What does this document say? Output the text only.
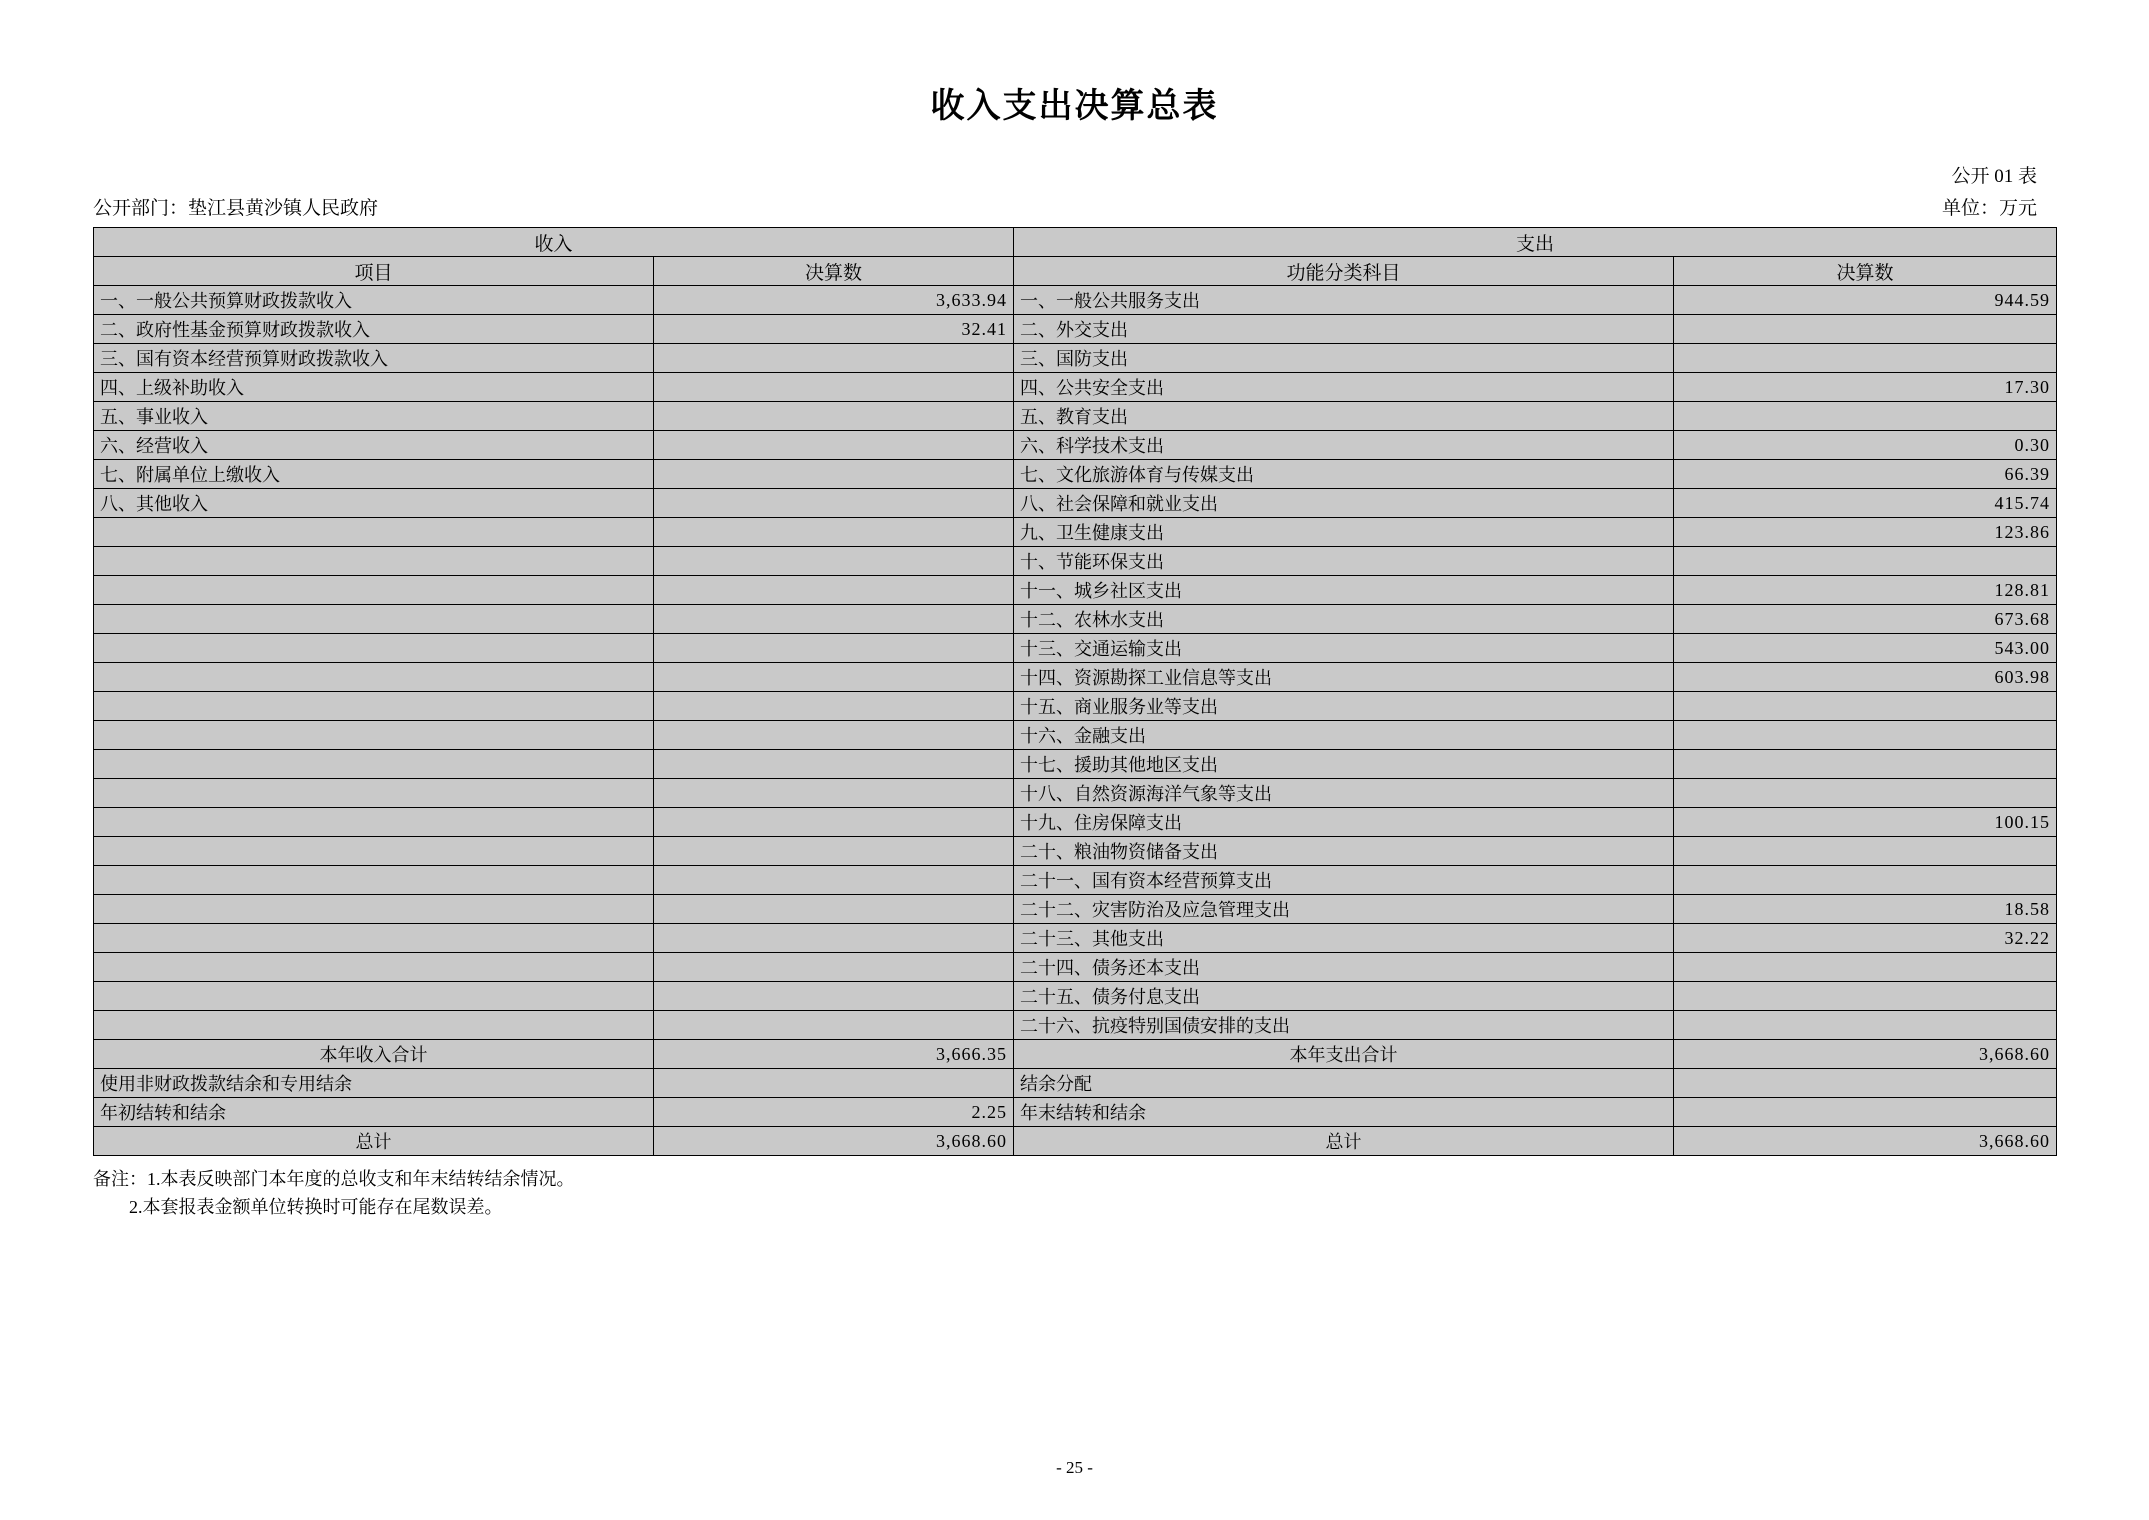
收入支出决算总表
公开 01 表
公开部门：垫江县黄沙镇人民政府	单位：万元
收入		支出	
项目	决算数	功能分类科目	决算数
一、一般公共预算财政拨款收入	3,633.94	一、一般公共服务支出	944.59
二、政府性基金预算财政拨款收入	32.41	二、外交支出	
三、国有资本经营预算财政拨款收入		三、国防支出	
四、上级补助收入		四、公共安全支出	17.30
五、事业收入		五、教育支出	
六、经营收入		六、科学技术支出	0.30
七、附属单位上缴收入		七、文化旅游体育与传媒支出	66.39
八、其他收入		八、社会保障和就业支出	415.74
		九、卫生健康支出	123.86
		十、节能环保支出	
		十一、城乡社区支出	128.81
		十二、农林水支出	673.68
		十三、交通运输支出	543.00
		十四、资源勘探工业信息等支出	603.98
		十五、商业服务业等支出	
		十六、金融支出	
		十七、援助其他地区支出	
		十八、自然资源海洋气象等支出	
		十九、住房保障支出	100.15
		二十、粮油物资储备支出	
		二十一、国有资本经营预算支出	
		二十二、灾害防治及应急管理支出	18.58
		二十三、其他支出	32.22
		二十四、债务还本支出	
		二十五、债务付息支出	
		二十六、抗疫特别国债安排的支出	
本年收入合计	3,666.35	本年支出合计	3,668.60
使用非财政拨款结余和专用结余		结余分配	
年初结转和结余	2.25	年末结转和结余	
总计	3,668.60	总计	3,668.60
备注：1.本表反映部门本年度的总收支和年末结转结余情况。
2.本套报表金额单位转换时可能存在尾数误差。
- 25 -
